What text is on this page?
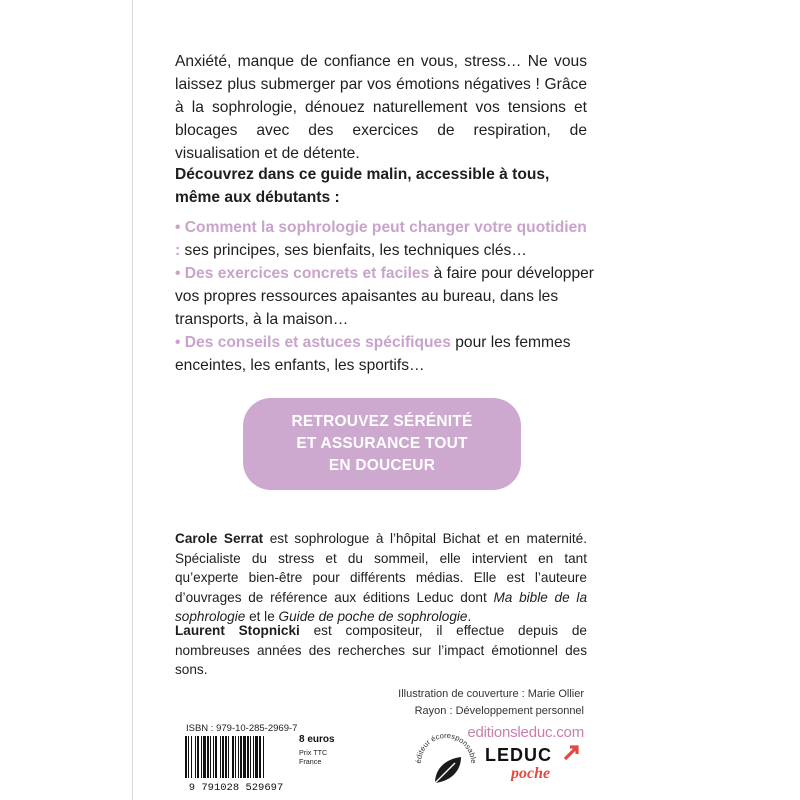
Anxiété, manque de confiance en vous, stress… Ne vous laissez plus submerger par vos émotions négatives ! Grâce à la sophrologie, dénouez naturellement vos tensions et blocages avec des exercices de respiration, de visualisation et de détente.

Découvrez dans ce guide malin, accessible à tous, même aux débutants :

• Comment la sophrologie peut changer votre quotidien : ses principes, ses bienfaits, les techniques clés…

• Des exercices concrets et faciles à faire pour développer vos propres ressources apaisantes au bureau, dans les transports, à la maison…

• Des conseils et astuces spécifiques pour les femmes enceintes, les enfants, les sportifs…

RETROUVEZ SÉRÉNITÉ
ET ASSURANCE TOUT
EN DOUCEUR

Carole Serrat est sophrologue à l’hôpital Bichat et en maternité. Spécialiste du stress et du sommeil, elle intervient en tant qu’experte bien-être pour différents médias. Elle est l’auteure d’ouvrages de référence aux éditions Leduc dont Ma bible de la sophrologie et le Guide de poche de sophrologie.

Laurent Stopnicki est compositeur, il effectue depuis de nombreuses années des recherches sur l’impact émotionnel des sons.

Illustration de couverture : Marie Ollier
Rayon : Développement personnel
editionsleduc.com
ISBN : 979-10-285-2969-7
9 791028 529697
8 euros
Prix TTC
France	éditeur écoresponsable LEDUC
poche
